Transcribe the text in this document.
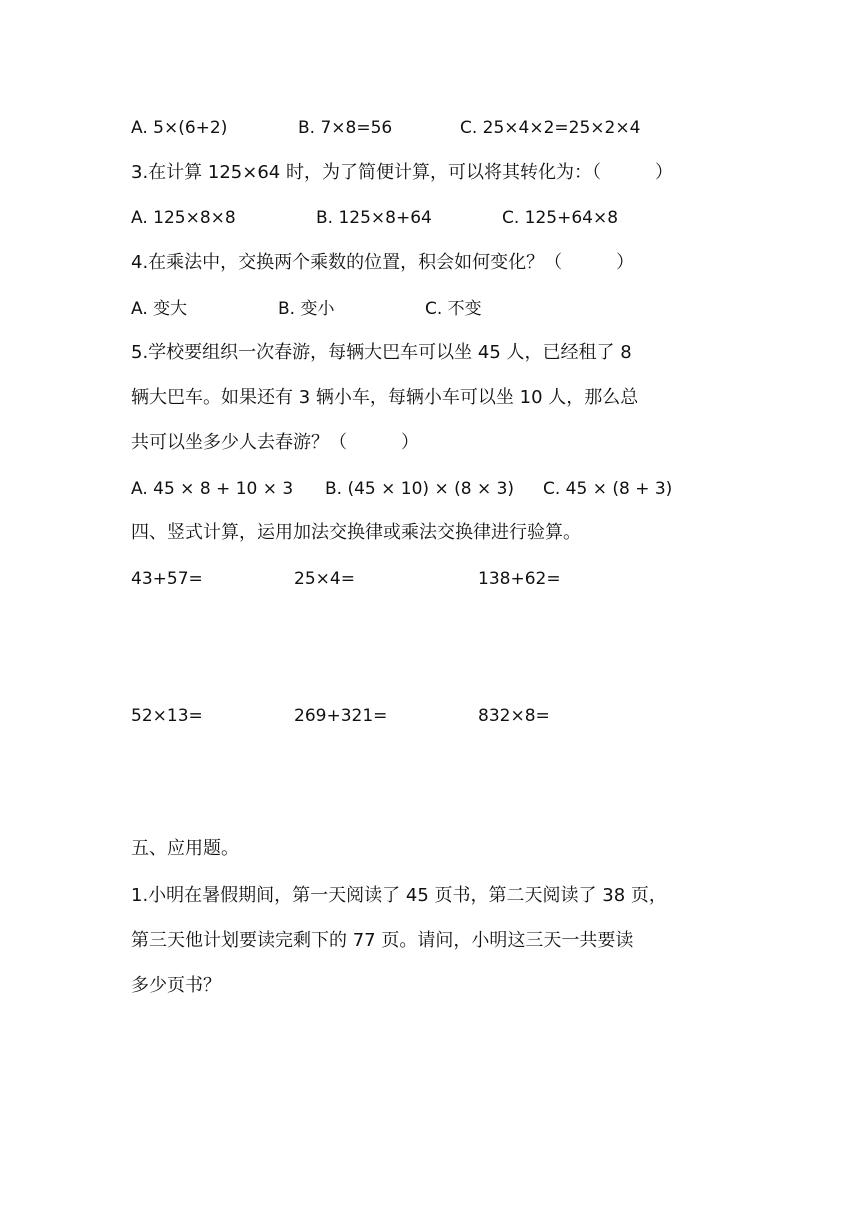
A. 5×(6+2)	B. 7×8=56	C. 25×4×2=25×2×4
3.在计算 125×64 时，为了简便计算，可以将其转化为：（　　　）
A. 125×8×8	B. 125×8+64	C. 125+64×8
4.在乘法中，交换两个乘数的位置，积会如何变化？（　　　）
A. 变大	B. 变小	C. 不变
5.学校要组织一次春游，每辆大巴车可以坐 45 人，已经租了 8
辆大巴车。如果还有 3 辆小车，每辆小车可以坐 10 人，那么总
共可以坐多少人去春游？（　　　）
A. 45 × 8 + 10 × 3 B. (45 × 10) × (8 × 3) C. 45 × (8 + 3)
四、竖式计算，运用加法交换律或乘法交换律进行验算。
43+57=	25×4=	138+62=
52×13=	269+321=	832×8=
五、应用题。
1.小明在暑假期间，第一天阅读了 45 页书，第二天阅读了 38 页，
第三天他计划要读完剩下的 77 页。请问，小明这三天一共要读
多少页书？
